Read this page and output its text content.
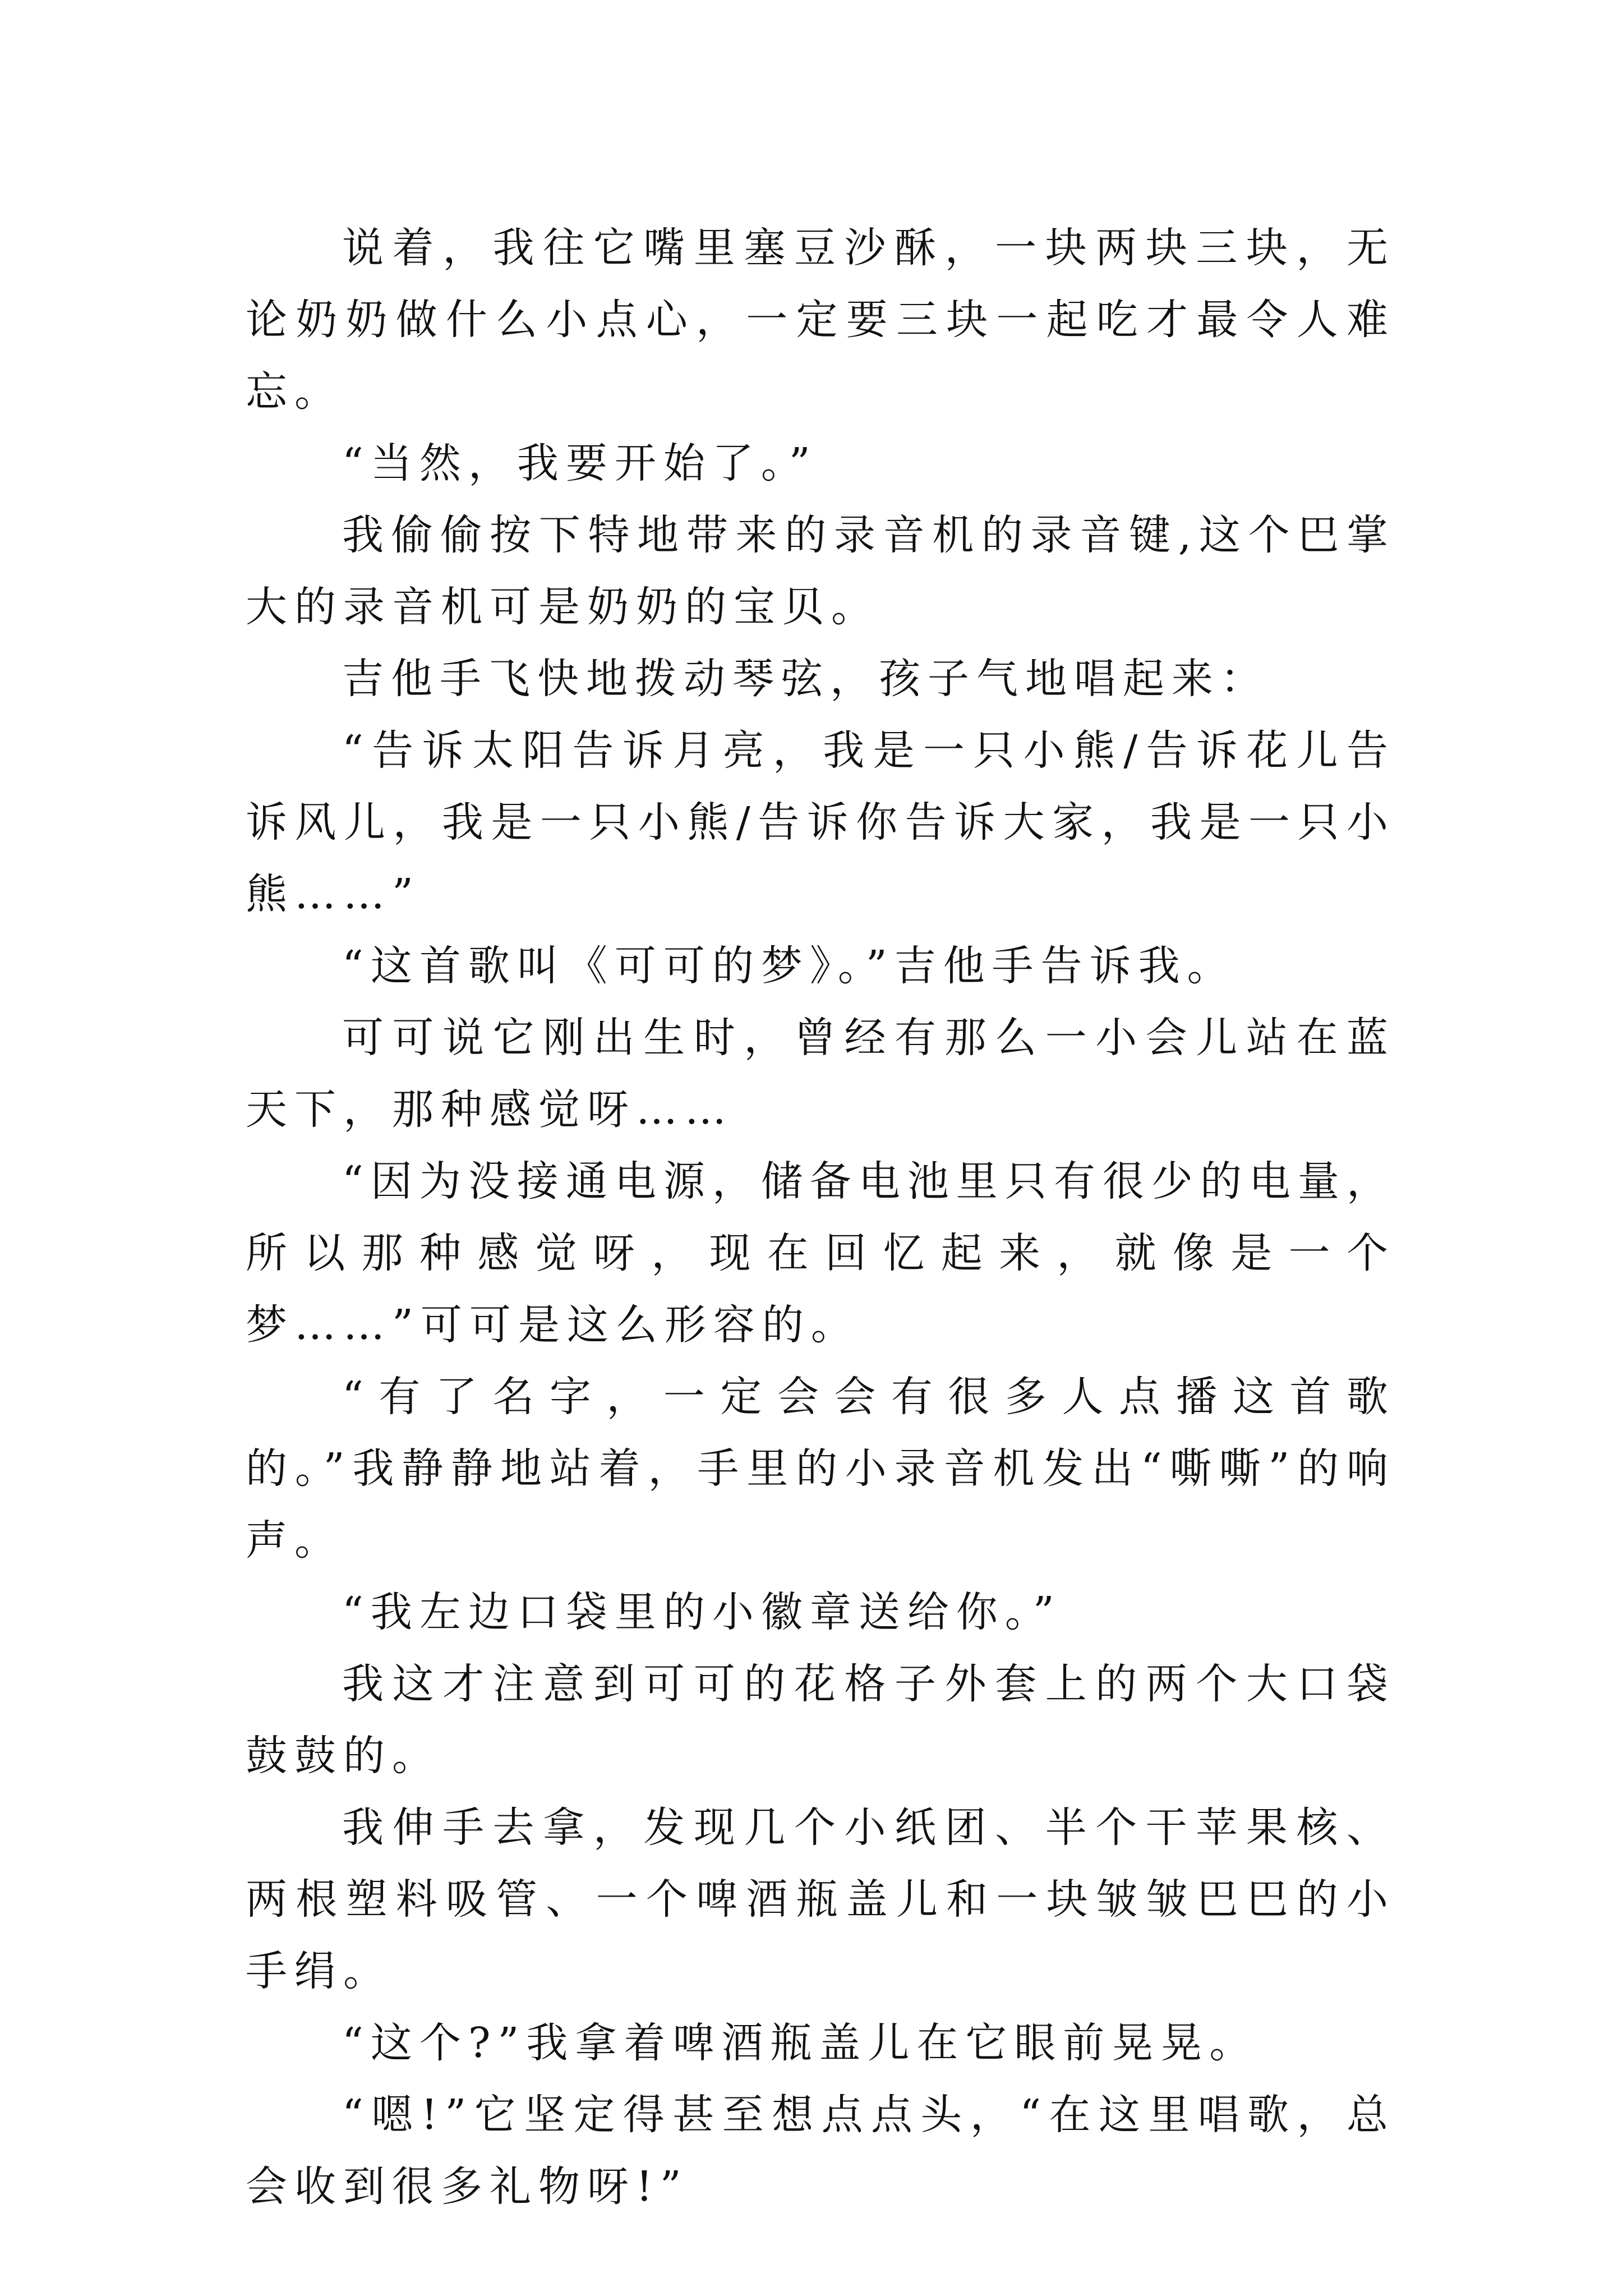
说着，我往它嘴里塞豆沙酥，一块两块三块，无论奶奶做什么小点心，一定要三块一起吃才最令人难忘。

“当然，我要开始了。”

我偷偷按下特地带来的录音机的录音键,这个巴掌大的录音机可是奶奶的宝贝。

吉他手飞快地拨动琴弦，孩子气地唱起来：

“告诉太阳告诉月亮，我是一只小熊/告诉花儿告诉风儿，我是一只小熊/告诉你告诉大家，我是一只小熊……”

“这首歌叫《可可的梦》。”吉他手告诉我。

可可说它刚出生时，曾经有那么一小会儿站在蓝天下，那种感觉呀……

“因为没接通电源，储备电池里只有很少的电量，所以那种感觉呀，现在回忆起来，就像是一个梦……”可可是这么形容的。

“有了名字，一定会会有很多人点播这首歌的。”我静静地站着，手里的小录音机发出“嘶嘶”的响声。

“我左边口袋里的小徽章送给你。”

我这才注意到可可的花格子外套上的两个大口袋鼓鼓的。

我伸手去拿，发现几个小纸团、半个干苹果核、两根塑料吸管、一个啤酒瓶盖儿和一块皱皱巴巴的小手绢。

“这个?”我拿着啤酒瓶盖儿在它眼前晃晃。

“嗯!”它坚定得甚至想点点头，“在这里唱歌，总会收到很多礼物呀!”
